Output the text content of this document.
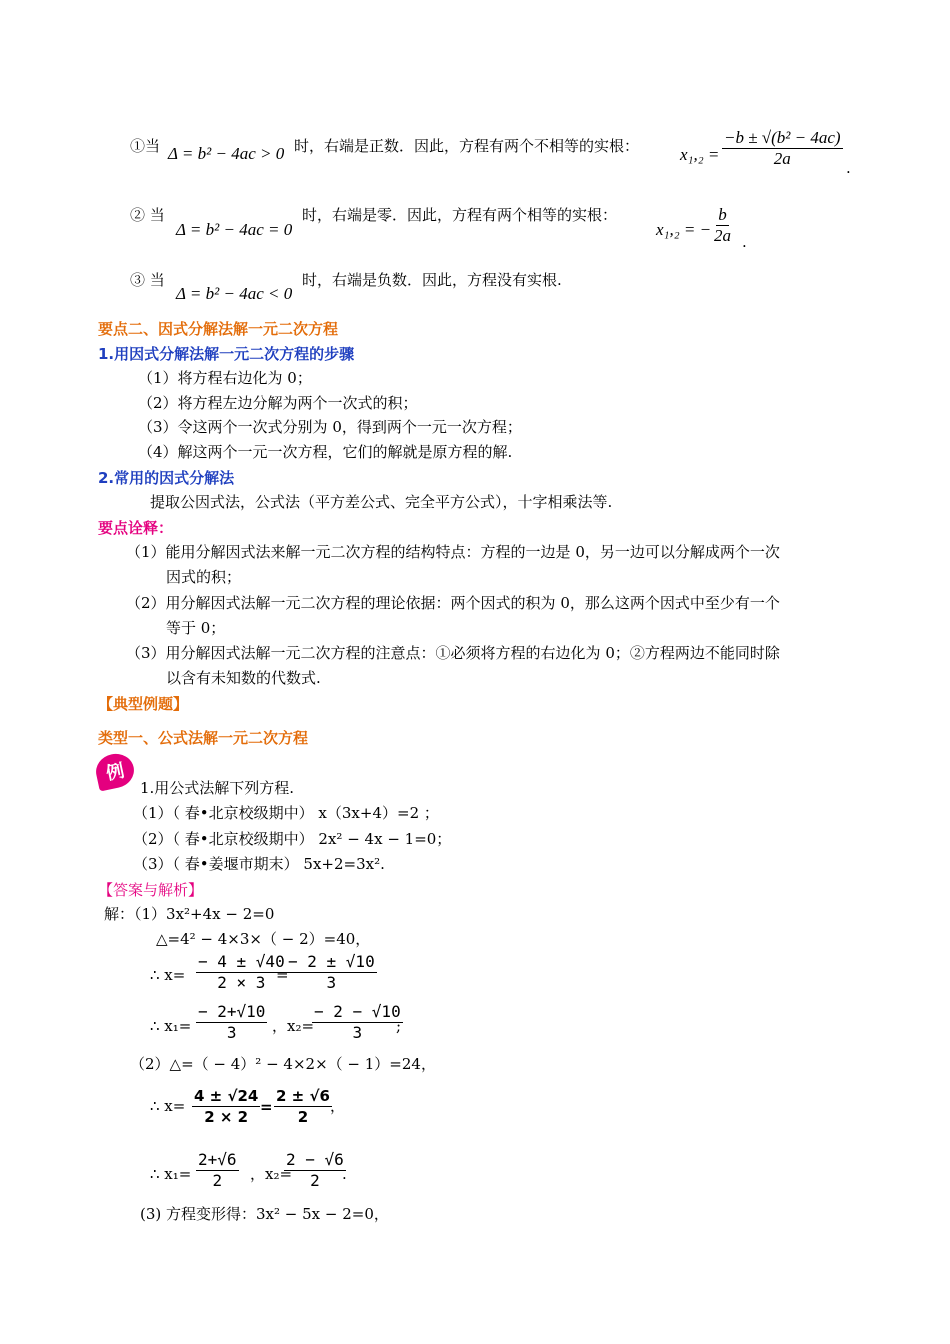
①当 Δ = b² − 4ac > 0 时，右端是正数．因此，方程有两个不相等的实根： $x_1,_2 = \frac{\text{−b ± √(b² − 4ac)}}{2a}$ .
② 当
Δ = b² − 4ac = 0
时，右端是零．因此，方程有两个相等的实根：
x₁,₂ = − $\frac{b}{2a}$ .
③ 当
Δ = b² − 4ac < 0
时，右端是负数．因此，方程没有实根.
要点二、因式分解法解一元二次方程
1.用因式分解法解一元二次方程的步骤
（1）将方程右边化为 0；
（2）将方程左边分解为两个一次式的积；
（3）令这两个一次式分别为 0，得到两个一元一次方程；
（4）解这两个一元一次方程，它们的解就是原方程的解.
2.常用的因式分解法
提取公因式法，公式法（平方差公式、完全平方公式），十字相乘法等.
要点诠释：
（1）能用分解因式法来解一元二次方程的结构特点：方程的一边是 0，另一边可以分解成两个一次
因式的积；
（2）用分解因式法解一元二次方程的理论依据：两个因式的积为 0，那么这两个因式中至少有一个
等于 0；
（3）用分解因式法解一元二次方程的注意点：①必须将方程的右边化为 0；②方程两边不能同时除
以含有未知数的代数式.
【典型例题】
类型一、公式法解一元二次方程
例
1.用公式法解下列方程.
（1）（ 春•北京校级期中） x（3x+4）=2 ；
（2）（ 春•北京校级期中） 2x² − 4x − 1=0；
（3）（ 春•姜堰市期末） 5x+2=3x².
【答案与解析】
解：（1）3x²+4x − 2=0
△=4² − 4×3×（ − 2）=40，
∴ $x= \frac{- 4 \pm √40}{2 \times 3}$
=
$\frac{- 2 \pm √10}{3}$
∴ $x_1= \frac{- 2+√10}{3}$ ，x₂=
$\frac{- 2 - √10}{3}$
;
（2）△=（ − 4）² − 4×2×（ − 1）=24，
∴ $x= \frac{4 \pm √24}{2 \times 2} = \frac{2 \pm √6}{2}$
，
∴ $x_1= \frac{2+√6}{2}$ ，x₂=
$\frac{2 - √6}{2}$
.
(3) 方程变形得：3x² − 5x − 2=0，
